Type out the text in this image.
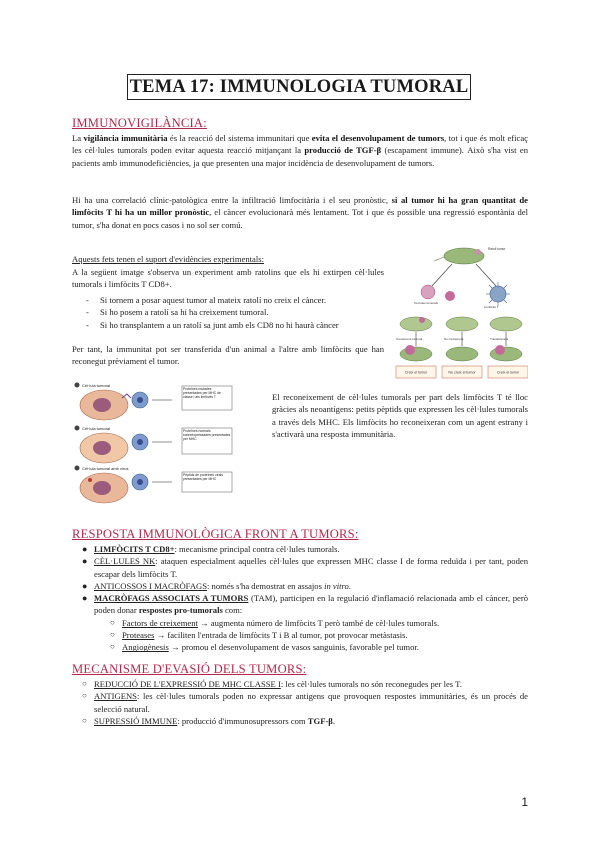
TEMA 17: IMMUNOLOGIA TUMORAL
IMMUNOVIGILÀNCIA:
La vigilància immunitària és la reacció del sistema immunitari que evita el desenvolupament de tumors, tot i que és molt eficaç les cèl·lules tumorals poden evitar aquesta reacció mitjançant la producció de TGF-β (escapament immune). Això s'ha vist en pacients amb immunodeficiències, ja que presenten una major incidència de desenvolupament de tumors.
Hi ha una correlació clínic-patològica entre la infiltració limfocitària i el seu pronòstic, si al tumor hi ha gran quantitat de limfòcits T hi ha un millor pronòstic, el càncer evolucionarà més lentament. Tot i que és possible una regressió espontània del tumor, s'ha donat en pocs casos i no sol ser comú.
Aquests fets tenen el suport d'evidències experimentals:
A la següent imatge s'observa un experiment amb ratolins que els hi extirpen cèl·lules tumorals i limfòcits T CD8+.
- Si tornem a posar aquest tumor al mateix ratolí no creix el càncer.
- Si ho posem a ratolí sa hi ha creixement tumoral.
- Si ho transplantem a un ratolí sa junt amb els CD8 no hi haurà càncer
Per tant, la immunitat pot ser transferida d'un animal a l'altre amb limfòcits que han reconegut prèviament el tumor.
Creix el tumor	No creix el tumor	Creix el tumor
Ratolí tumor
Cèl·lules tumorals
Limfòcits T
Creixement tumoral	No creixement	Transferència
Cèl·lula tumoral
Proteïnes mutades presentades per MHC de classe I als limfòcits T
Cèl·lula tumoral	Proteïnes normals sobreexpressades presentades per MHC
Cèl·lula tumoral amb virus
Pèptids de proteïnes virals presentades per MHC
El reconeixement de cèl·lules tumorals per part dels limfòcits T té lloc gràcies als neoantígens: petits pèptids que expressen les cèl·lules tumorals a través dels MHC. Els limfòcits ho reconeixeran com un agent estrany i s'activarà una resposta immunitària.
RESPOSTA IMMUNOLÒGICA FRONT A TUMORS:
● LIMFÒCITS T CD8+: mecanisme principal contra cèl·lules tumorals.
● CÈL·LULES NK: ataquen especialment aquelles cèl·lules que expressen MHC classe I de forma reduïda i per tant, poden escapar dels limfòcits T.
● ANTICOSSOS I MACRÒFAGS: només s'ha demostrat en assajos in vitro.
● MACRÒFAGS ASSOCIATS A TUMORS (TAM), participen en la regulació d'inflamació relacionada amb el càncer, però poden donar respostes pro-tumorals com:
○ Factors de creixement → augmenta número de limfòcits T però també de cèl·lules tumorals.
○ Proteases → faciliten l'entrada de limfòcits T i B al tumor, pot provocar metàstasis.
○ Angiogènesis → promou el desenvolupament de vasos sanguinis, favorable pel tumor.
MECANISME D'EVASIÓ DELS TUMORS:
○ REDUCCIÓ DE L'EXPRESSIÓ DE MHC CLASSE I: les cèl·lules tumorals no són reconegudes per les T.
○ ANTIGENS: les cèl·lules tumorals poden no expressar antigens que provoquen respostes immunitàries, és un procés de selecció natural.
○ SUPRESSIÓ IMMUNE: producció d'immunosupressors com TGF-β.
1
